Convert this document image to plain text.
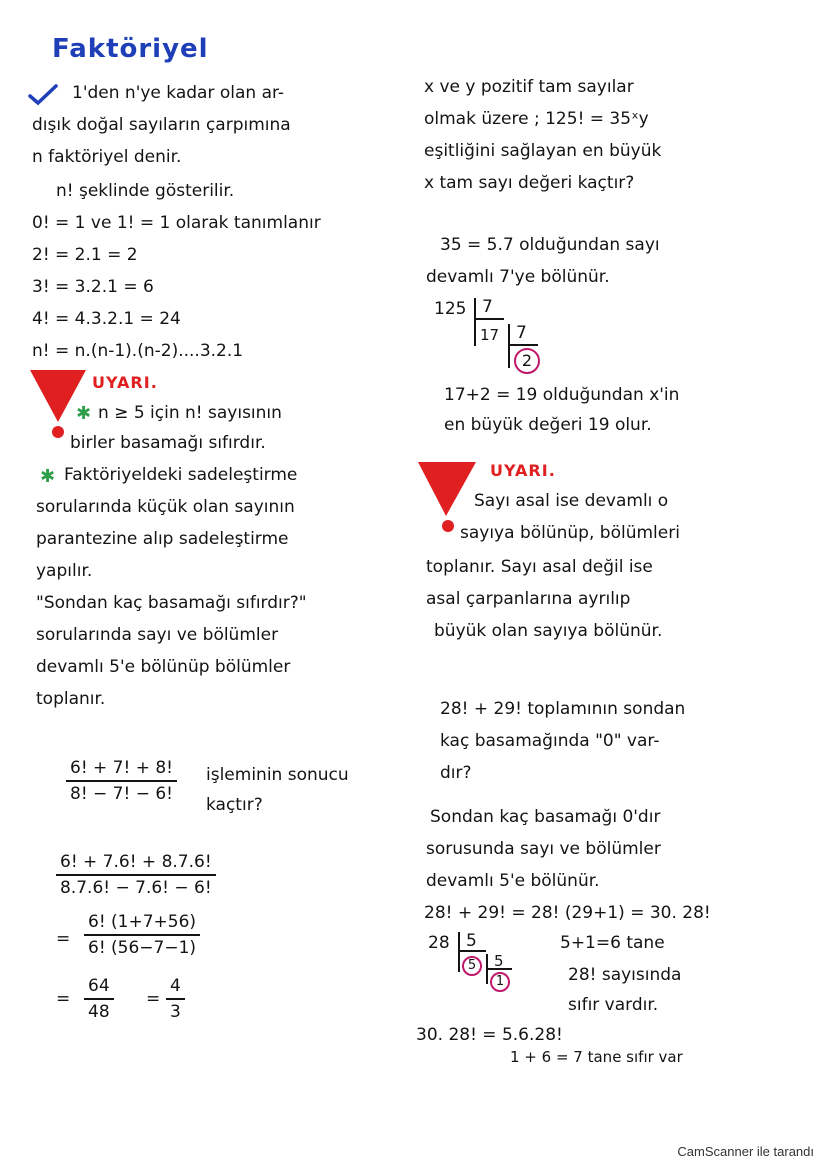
Faktöriyel
1'den n'ye kadar olan ar-
dışık doğal sayıların çarpımına
n faktöriyel denir.
n! şeklinde gösterilir.
0! = 1 ve 1! = 1 olarak tanımlanır
2! = 2.1 = 2
3! = 3.2.1 = 6
4! = 4.3.2.1 = 24
n! = n.(n-1).(n-2)....3.2.1
UYARI.
✱ n ≥ 5 için n! sayısının
birler basamağı sıfırdır.
✱ Faktöriyeldeki sadeleştirme
sorularında küçük olan sayının
parantezine alıp sadeleştirme
yapılır.
"Sondan kaç basamağı sıfırdır?"
sorularında sayı ve bölümler
devamlı 5'e bölünüp bölümler
toplanır.
$\frac{6! + 7! + 8!}{8! - 7! - 6!}$ işleminin sonucu
kaçtır?
$\frac{6! + 7.6! + 8.7.6!}{8.7.6! - 7.6! - 6!}$
= $\frac{6! (1+7+56)}{6! (56-7-1)}$
= $\frac{64}{48} = \frac{4}{3}$
x ve y pozitif tam sayılar
olmak üzere ; 125! = 35ˣy
eşitliğini sağlayan en büyük
x tam sayı değeri kaçtır?
35 = 5.7 olduğundan sayı
devamlı 7'ye bölünür.
125 7
17 7
2
17+2 = 19 olduğundan x'in
en büyük değeri 19 olur.
UYARI.
Sayı asal ise devamlı o
sayıya bölünüp, bölümleri
toplanır. Sayı asal değil ise
asal çarpanlarına ayrılıp
büyük olan sayıya bölünür.
28! + 29! toplamının sondan
kaç basamağında "0" var-
dır?
Sondan kaç basamağı 0'dır
sorusunda sayı ve bölümler
devamlı 5'e bölünür.
28! + 29! = 28! (29+1) = 30. 28!
28 5
5	5
1
5+1=6 tane
28! sayısında
sıfır vardır.
30. 28! = 5.6.28!
1 + 6 = 7 tane sıfır var
CamScanner ile tarandı
